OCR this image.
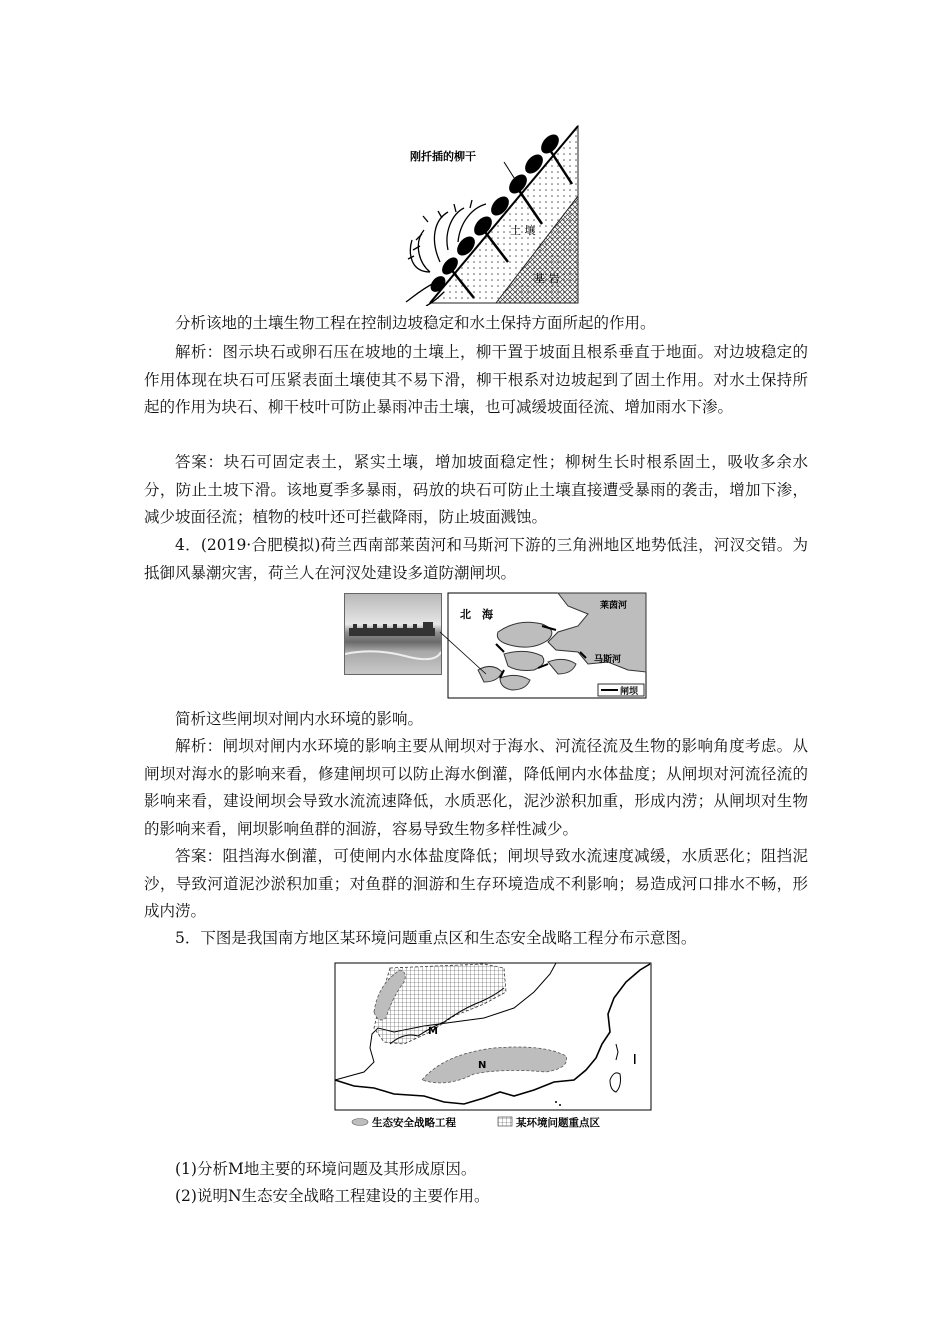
刚扦插的柳干
土 壤
基 岩

分析该地的土壤生物工程在控制边坡稳定和水土保持方面所起的作用。

解析：图示块石或卵石压在坡地的土壤上，柳干置于坡面且根系垂直于地面。对边坡稳定的作用体现在块石可压紧表面土壤使其不易下滑，柳干根系对边坡起到了固土作用。对水土保持所起的作用为块石、柳干枝叶可防止暴雨冲击土壤，也可减缓坡面径流、增加雨水下渗。

答案：块石可固定表土，紧实土壤，增加坡面稳定性；柳树生长时根系固土，吸收多余水分，防止土坡下滑。该地夏季多暴雨，码放的块石可防止土壤直接遭受暴雨的袭击，增加下渗，减少坡面径流；植物的枝叶还可拦截降雨，防止坡面溅蚀。

4．(2019·合肥模拟)荷兰西南部莱茵河和马斯河下游的三角洲地区地势低洼，河汊交错。为抵御风暴潮灾害，荷兰人在河汊处建设多道防潮闸坝。

北　海
莱茵河
马斯河
闸坝

简析这些闸坝对闸内水环境的影响。

解析：闸坝对闸内水环境的影响主要从闸坝对于海水、河流径流及生物的影响角度考虑。从闸坝对海水的影响来看，修建闸坝可以防止海水倒灌，降低闸内水体盐度；从闸坝对河流径流的影响来看，建设闸坝会导致水流流速降低，水质恶化，泥沙淤积加重，形成内涝；从闸坝对生物的影响来看，闸坝影响鱼群的洄游，容易导致生物多样性减少。

答案：阻挡海水倒灌，可使闸内水体盐度降低；闸坝导致水流速度减缓，水质恶化；阻挡泥沙，导致河道泥沙淤积加重；对鱼群的洄游和生存环境造成不利影响；易造成河口排水不畅，形成内涝。

5．下图是我国南方地区某环境问题重点区和生态安全战略工程分布示意图。

M
N
生态安全战略工程	某环境问题重点区

(1)分析M地主要的环境问题及其形成原因。

(2)说明N生态安全战略工程建设的主要作用。
